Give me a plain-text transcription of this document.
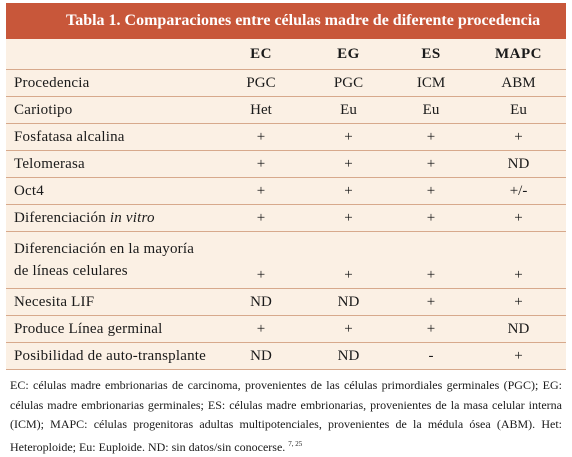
Tabla 1. Comparaciones entre células madre de diferente procedencia
	EC	EG	ES	MAPC
Procedencia	PGC	PGC	ICM	ABM
Cariotipo	Het	Eu	Eu	Eu
Fosfatasa alcalina	+	+	+	+
Telomerasa	+	+	+	ND
Oct4	+	+	+	+/-
Diferenciación in vitro	+	+	+	+
Diferenciación en la mayoría
de líneas celulares	+	+	+	+
Necesita LIF	ND	ND	+	+
Produce Línea germinal	+	+	+	ND
Posibilidad de auto-transplante	ND	ND	-	+
EC: células madre embrionarias de carcinoma, provenientes de las células primordiales germinales (PGC); EG: células madre embrionarias germinales; ES: células madre embrionarias, provenientes de la masa celular interna (ICM); MAPC: células progenitoras adultas multipotenciales, provenientes de la médula ósea (ABM). Het: Heteroploide; Eu: Euploide. ND: sin datos/sin conocerse. $^{7, 25}$
